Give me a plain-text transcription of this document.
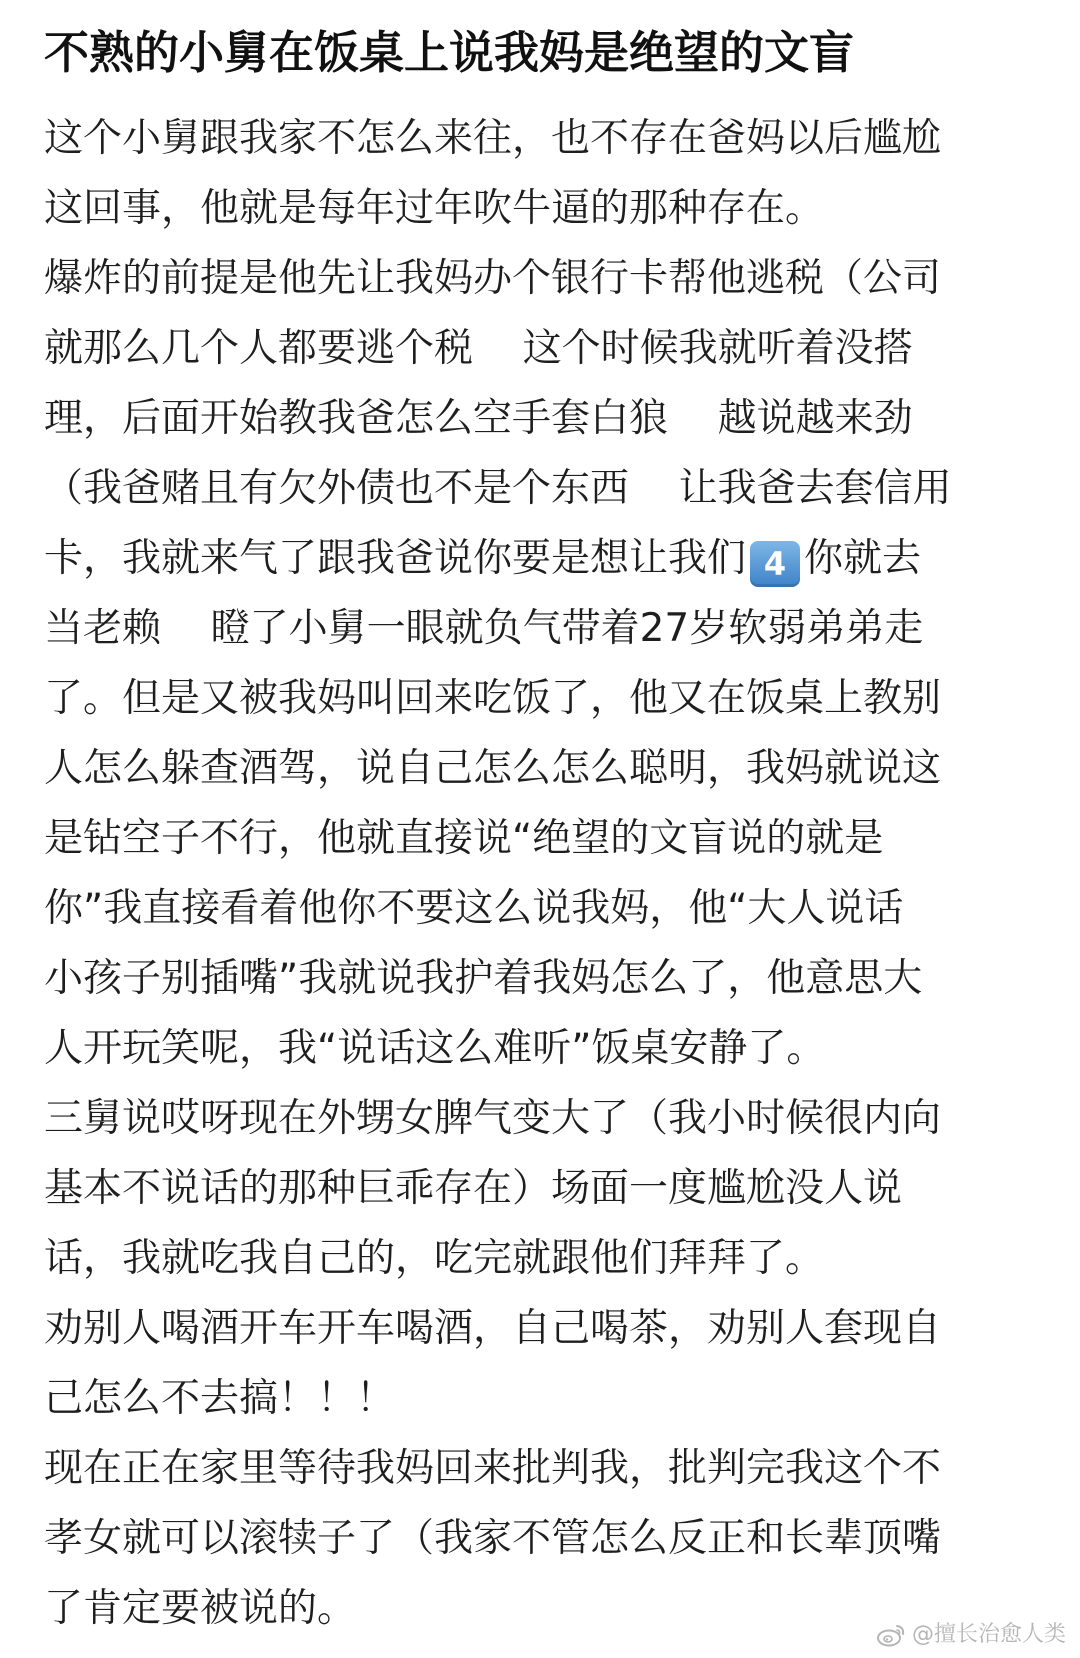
不熟的小舅在饭桌上说我妈是绝望的文盲
这个小舅跟我家不怎么来往，也不存在爸妈以后尴尬
这回事，他就是每年过年吹牛逼的那种存在。
爆炸的前提是他先让我妈办个银行卡帮他逃税（公司
就那么几个人都要逃个税    这个时候我就听着没搭
理，后面开始教我爸怎么空手套白狼    越说越来劲
（我爸赌且有欠外债也不是个东西    让我爸去套信用
卡，我就来气了跟我爸说你要是想让我们 4 你就去
当老赖    瞪了小舅一眼就负气带着27岁软弱弟弟走
了。但是又被我妈叫回来吃饭了，他又在饭桌上教别
人怎么躲查酒驾，说自己怎么怎么聪明，我妈就说这
是钻空子不行，他就直接说“绝望的文盲说的就是
你”我直接看着他你不要这么说我妈，他“大人说话
小孩子别插嘴”我就说我护着我妈怎么了，他意思大
人开玩笑呢，我“说话这么难听”饭桌安静了。
三舅说哎呀现在外甥女脾气变大了（我小时候很内向
基本不说话的那种巨乖存在）场面一度尴尬没人说
话，我就吃我自己的，吃完就跟他们拜拜了。
劝别人喝酒开车开车喝酒，自己喝茶，劝别人套现自
己怎么不去搞！！！
现在正在家里等待我妈回来批判我，批判完我这个不
孝女就可以滚犊子了（我家不管怎么反正和长辈顶嘴
了肯定要被说的。
@擅长治愈人类
